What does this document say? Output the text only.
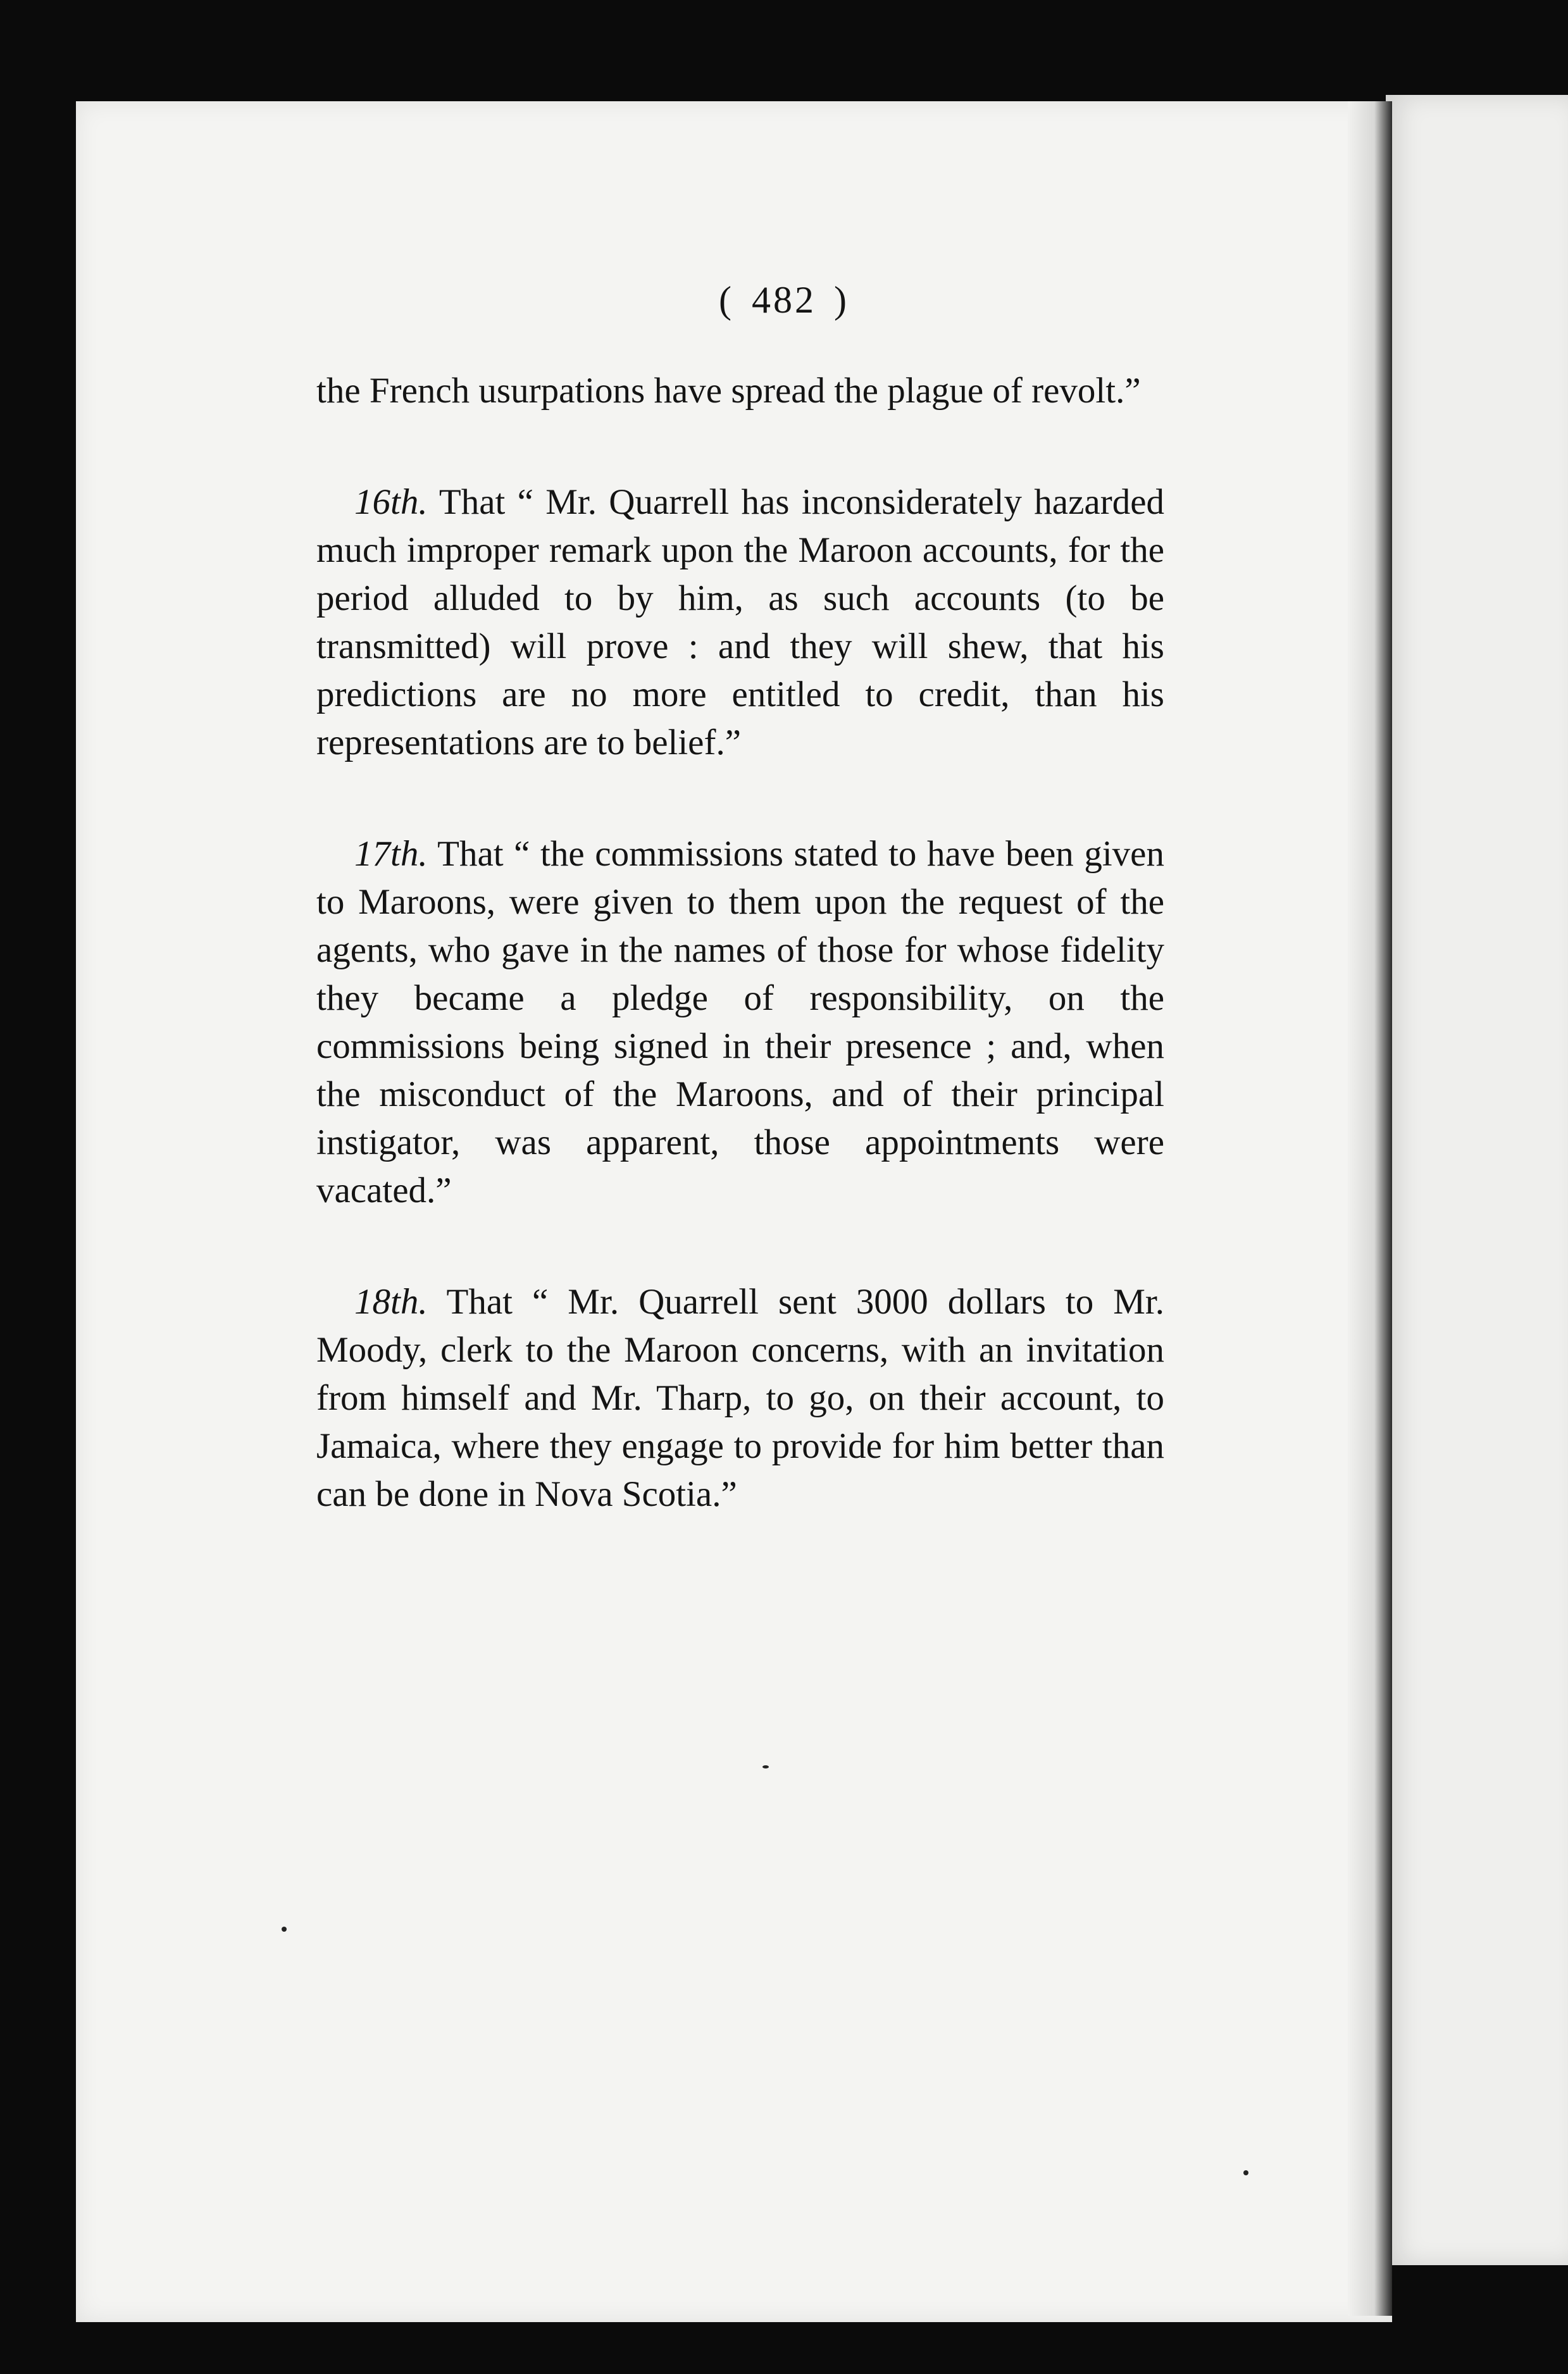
( 482 )

the French usurpations have spread the plague of revolt.”

16th. That “ Mr. Quarrell has inconsiderately hazarded much improper remark upon the Maroon accounts, for the period alluded to by him, as such accounts (to be transmitted) will prove : and they will shew, that his predictions are no more entitled to credit, than his representations are to belief.”

17th. That “ the commissions stated to have been given to Maroons, were given to them upon the request of the agents, who gave in the names of those for whose fidelity they became a pledge of responsibility, on the commissions being signed in their presence ; and, when the misconduct of the Maroons, and of their principal instigator, was apparent, those appointments were vacated.”

18th. That “ Mr. Quarrell sent 3000 dollars to Mr. Moody, clerk to the Maroon concerns, with an invitation from himself and Mr. Tharp, to go, on their account, to Jamaica, where they engage to provide for him better than can be done in Nova Scotia.”
